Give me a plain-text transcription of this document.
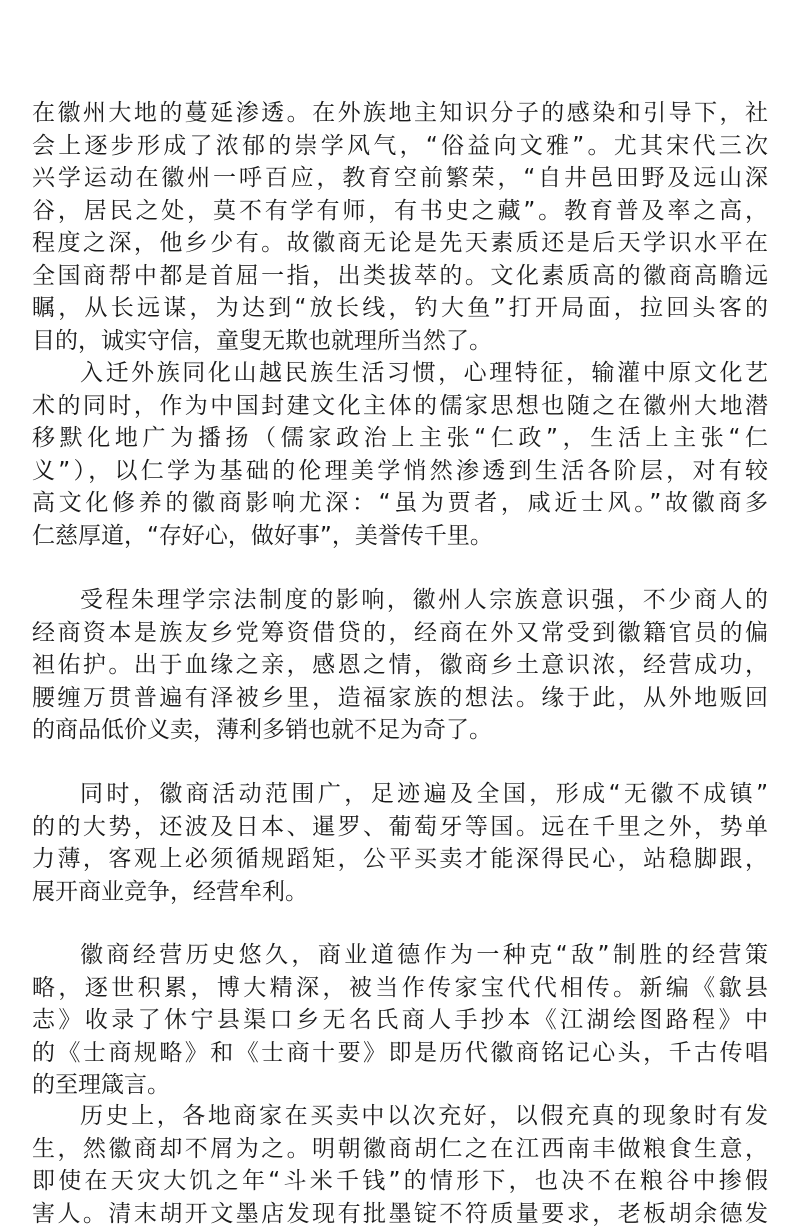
在徽州大地的蔓延渗透。在外族地主知识分子的感染和引导下，社
会上逐步形成了浓郁的崇学风气，“俗益向文雅”。尤其宋代三次
兴学运动在徽州一呼百应，教育空前繁荣，“自井邑田野及远山深
谷，居民之处，莫不有学有师，有书史之藏”。教育普及率之高，
程度之深，他乡少有。故徽商无论是先天素质还是后天学识水平在
全国商帮中都是首屈一指，出类拔萃的。文化素质高的徽商高瞻远
瞩，从长远谋，为达到“放长线，钓大鱼”打开局面，拉回头客的
目的，诚实守信，童叟无欺也就理所当然了。
入迁外族同化山越民族生活习惯，心理特征，输灌中原文化艺
术的同时，作为中国封建文化主体的儒家思想也随之在徽州大地潜
移默化地广为播扬（儒家政治上主张“仁政”，生活上主张“仁
义”），以仁学为基础的伦理美学悄然渗透到生活各阶层，对有较
高文化修养的徽商影响尤深：“虽为贾者，咸近士风。”故徽商多
仁慈厚道，“存好心，做好事”，美誉传千里。
受程朱理学宗法制度的影响，徽州人宗族意识强，不少商人的
经商资本是族友乡党筹资借贷的，经商在外又常受到徽籍官员的偏
袒佑护。出于血缘之亲，感恩之情，徽商乡土意识浓，经营成功，
腰缠万贯普遍有泽被乡里，造福家族的想法。缘于此，从外地贩回
的商品低价义卖，薄利多销也就不足为奇了。
同时，徽商活动范围广，足迹遍及全国，形成“无徽不成镇”
的的大势，还波及日本、暹罗、葡萄牙等国。远在千里之外，势单
力薄，客观上必须循规蹈矩，公平买卖才能深得民心，站稳脚跟，
展开商业竞争，经营牟利。
徽商经营历史悠久，商业道德作为一种克“敌”制胜的经营策
略，逐世积累，博大精深，被当作传家宝代代相传。新编《歙县
志》收录了休宁县渠口乡无名氏商人手抄本《江湖绘图路程》中
的《士商规略》和《士商十要》即是历代徽商铭记心头，千古传唱
的至理箴言。
历史上，各地商家在买卖中以次充好，以假充真的现象时有发
生，然徽商却不屑为之。明朝徽商胡仁之在江西南丰做粮食生意，
即使在天灾大饥之年“斗米千钱”的情形下，也决不在粮谷中掺假
害人。清末胡开文墨店发现有批墨锭不符质量要求，老板胡余德发
